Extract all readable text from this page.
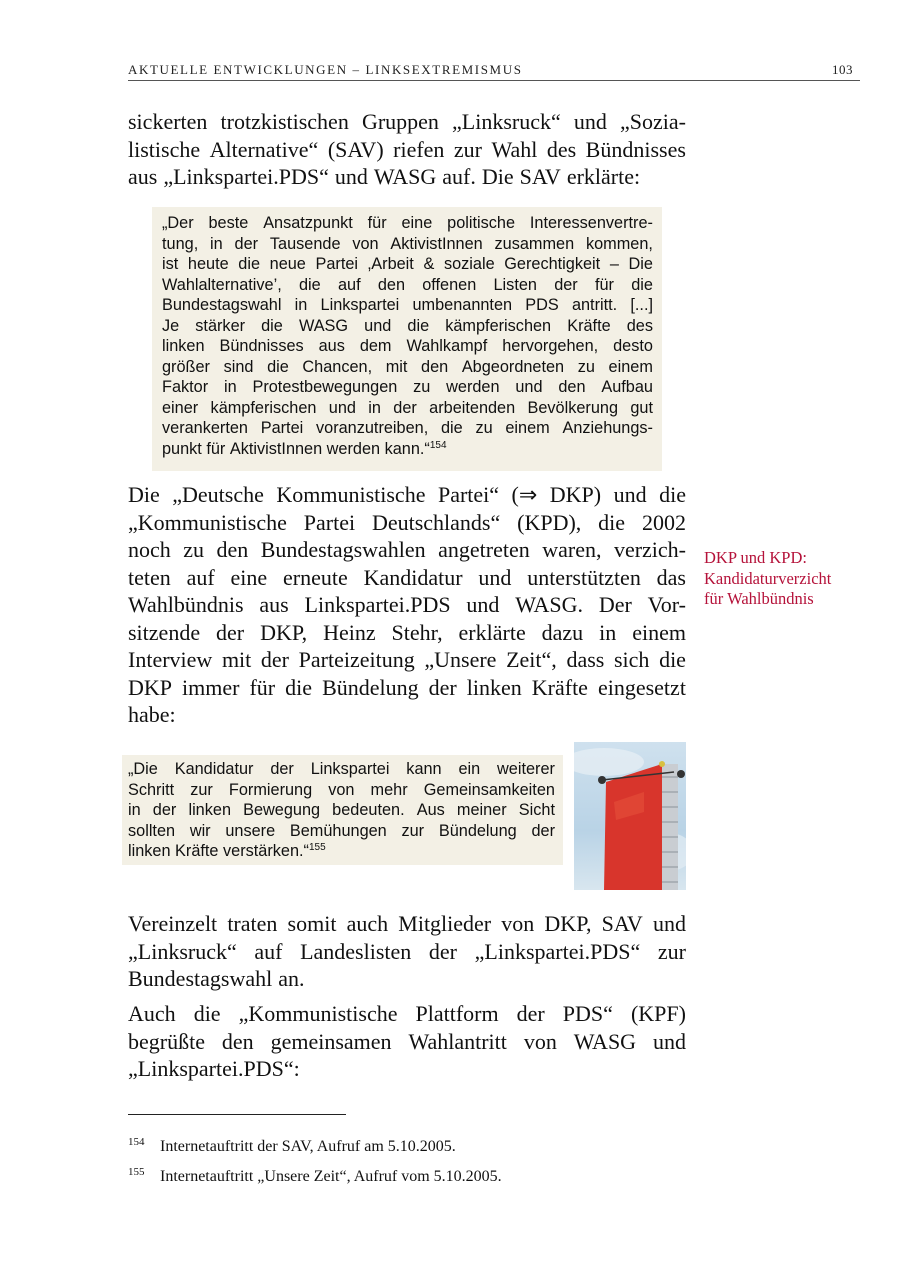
AKTUELLE ENTWICKLUNGEN – LINKSEXTREMISMUS	103
sickerten trotzkistischen Gruppen „Linksruck“ und „Sozia-
listische Alternative“ (SAV) riefen zur Wahl des Bündnisses
aus „Linkspartei.PDS“ und WASG auf. Die SAV erklärte:
„Der beste Ansatzpunkt für eine politische Interessenvertre-
tung, in der Tausende von AktivistInnen zusammen kommen,
ist heute die neue Partei ‚Arbeit & soziale Gerechtigkeit – Die
Wahlalternative’, die auf den offenen Listen der für die
Bundestagswahl in Linkspartei umbenannten PDS antritt. [...]
Je stärker die WASG und die kämpferischen Kräfte des
linken Bündnisses aus dem Wahlkampf hervorgehen, desto
größer sind die Chancen, mit den Abgeordneten zu einem
Faktor in Protestbewegungen zu werden und den Aufbau
einer kämpferischen und in der arbeitenden Bevölkerung gut
verankerten Partei voranzutreiben, die zu einem Anziehungs-
punkt für AktivistInnen werden kann.“$^{154}$
Die „Deutsche Kommunistische Partei“ (⇒ DKP) und die
„Kommunistische Partei Deutschlands“ (KPD), die 2002
noch zu den Bundestagswahlen angetreten waren, verzich-
teten auf eine erneute Kandidatur und unterstützten das
Wahlbündnis aus Linkspartei.PDS und WASG. Der Vor-
sitzende der DKP, Heinz Stehr, erklärte dazu in einem
Interview mit der Parteizeitung „Unsere Zeit“, dass sich die
DKP immer für die Bündelung der linken Kräfte eingesetzt
habe:
DKP und KPD:
Kandidaturverzicht
für Wahlbündnis
„Die Kandidatur der Linkspartei kann ein weiterer
Schritt zur Formierung von mehr Gemeinsamkeiten
in der linken Bewegung bedeuten. Aus meiner Sicht
sollten wir unsere Bemühungen zur Bündelung der
linken Kräfte verstärken.“$^{155}$
Vereinzelt traten somit auch Mitglieder von DKP, SAV und
„Linksruck“ auf Landeslisten der „Linkspartei.PDS“ zur
Bundestagswahl an.
Auch die „Kommunistische Plattform der PDS“ (KPF)
begrüßte den gemeinsamen Wahlantritt von WASG und
„Linkspartei.PDS“:
154 Internetauftritt der SAV, Aufruf am 5.10.2005.
155 Internetauftritt „Unsere Zeit“, Aufruf vom 5.10.2005.
